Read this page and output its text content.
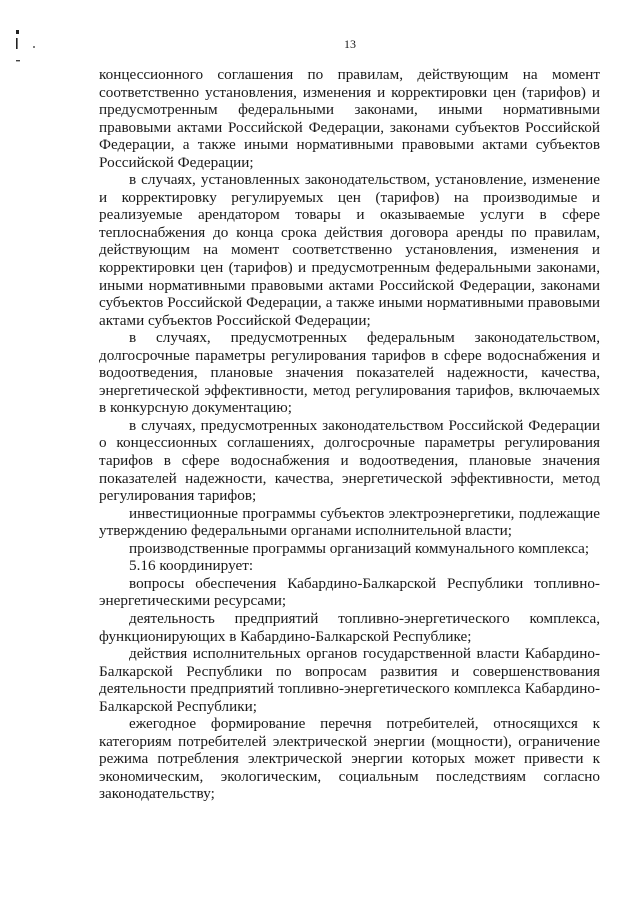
13

концессионного соглашения по правилам, действующим на момент соответственно установления, изменения и корректировки цен (тарифов) и предусмотренным федеральными законами, иными нормативными правовыми актами Российской Федерации, законами субъектов Российской Федерации, а также иными нормативными правовыми актами субъектов Российской Федерации;

в случаях, установленных законодательством, установление, изменение и корректировку регулируемых цен (тарифов) на производимые и реализуемые арендатором товары и оказываемые услуги в сфере теплоснабжения до конца срока действия договора аренды по правилам, действующим на момент соответственно установления, изменения и корректировки цен (тарифов) и предусмотренным федеральными законами, иными нормативными правовыми актами Российской Федерации, законами субъектов Российской Федерации, а также иными нормативными правовыми актами субъектов Российской Федерации;

в случаях, предусмотренных федеральным законодательством, долгосрочные параметры регулирования тарифов в сфере водоснабжения и водоотведения, плановые значения показателей надежности, качества, энергетической эффективности, метод регулирования тарифов, включаемых в конкурсную документацию;

в случаях, предусмотренных законодательством Российской Федерации о концессионных соглашениях, долгосрочные параметры регулирования тарифов в сфере водоснабжения и водоотведения, плановые значения показателей надежности, качества, энергетической эффективности, метод регулирования тарифов;

инвестиционные программы субъектов электроэнергетики, подлежащие утверждению федеральными органами исполнительной власти;

производственные программы организаций коммунального комплекса;

5.16 координирует:

вопросы обеспечения Кабардино-Балкарской Республики топливно-энергетическими ресурсами;

деятельность предприятий топливно-энергетического комплекса, функционирующих в Кабардино-Балкарской Республике;

действия исполнительных органов государственной власти Кабардино-Балкарской Республики по вопросам развития и совершенствования деятельности предприятий топливно-энергетического комплекса Кабардино-Балкарской Республики;

ежегодное формирование перечня потребителей, относящихся к категориям потребителей электрической энергии (мощности), ограничение режима потребления электрической энергии которых может привести к экономическим, экологическим, социальным последствиям согласно законодательству;
